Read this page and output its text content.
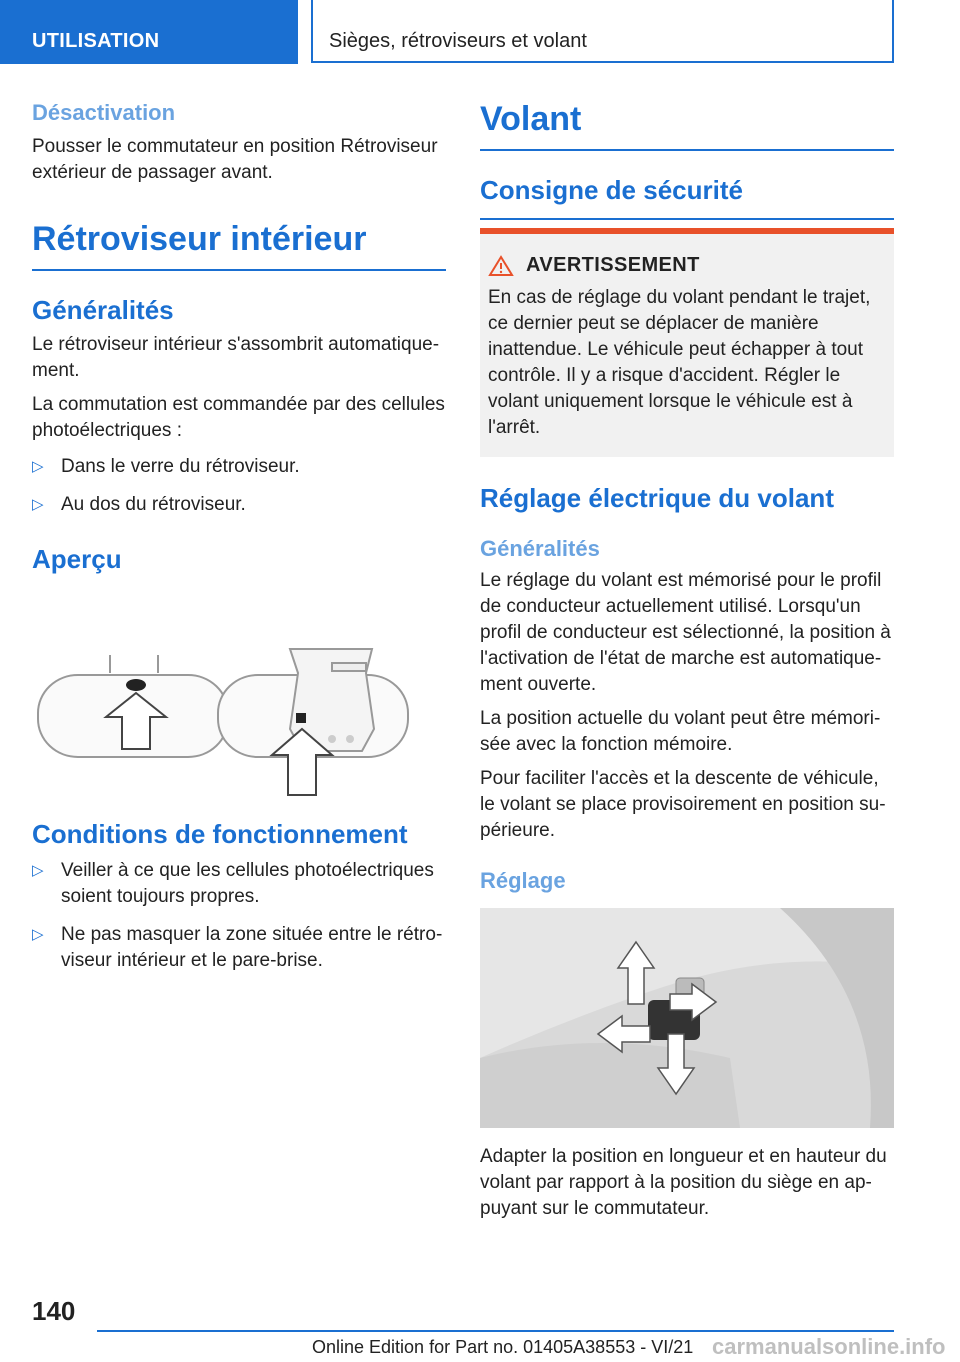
UTILISATION	Sièges, rétroviseurs et volant
Désactivation

Pousser le commutateur en position Rétroviseur extérieur de passager avant.

Rétroviseur intérieur
Généralités

Le rétroviseur intérieur s'assombrit automatiquement.

La commutation est commandée par des cellules photoélectriques :

▷ Dans le verre du rétroviseur.
▷ Au dos du rétroviseur.
Aperçu
Conditions de fonctionnement
▷ Veiller à ce que les cellules photoélectriques soient toujours propres.
▷ Ne pas masquer la zone située entre le rétroviseur intérieur et le pare-brise.
Volant
Consigne de sécurité
AVERTISSEMENT

En cas de réglage du volant pendant le trajet, ce dernier peut se déplacer de manière inattendue. Le véhicule peut échapper à tout contrôle. Il y a risque d'accident. Régler le volant uniquement lorsque le véhicule est à l'arrêt.

Réglage électrique du volant
Généralités

Le réglage du volant est mémorisé pour le profil de conducteur actuellement utilisé. Lorsqu'un profil de conducteur est sélectionné, la position à l'activation de l'état de marche est automatiquement ouverte.

La position actuelle du volant peut être mémorisée avec la fonction mémoire.

Pour faciliter l'accès et la descente de véhicule, le volant se place provisoirement en position supérieure.

Réglage

Adapter la position en longueur et en hauteur du volant par rapport à la position du siège en appuyant sur le commutateur.

140
Online Edition for Part no. 01405A38553 - VI/21 carmanualsonline.info
